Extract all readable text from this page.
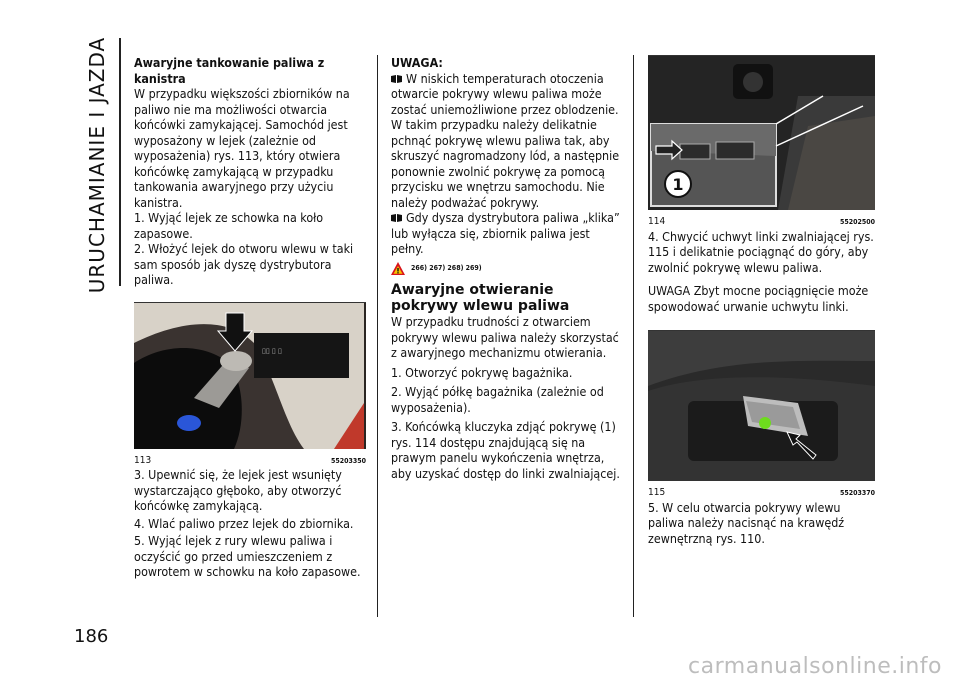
URUCHAMIANIE I JAZDA
186

Awaryjne tankowanie paliwa z kanistra

W przypadku większości zbiorników na paliwo nie ma możliwości otwarcia końcówki zamykającej. Samochód jest wyposażony w lejek (zależnie od wyposażenia) rys. 113, który otwiera końcówkę zamykającą w przypadku tankowania awaryjnego przy użyciu kanistra.

1. Wyjąć lejek ze schowka na koło zapasowe.

2. Włożyć lejek do otworu wlewu w taki sam sposób jak dyszę dystrybutora paliwa.

▯▯ ▯ ▯
113	55203350

3. Upewnić się, że lejek jest wsunięty wystarczająco głęboko, aby otworzyć końcówkę zamykającą.

4. Wlać paliwo przez lejek do zbiornika.

5. Wyjąć lejek z rury wlewu paliwa i oczyścić go przed umieszczeniem z powrotem w schowku na koło zapasowe.

UWAGA:

W niskich temperaturach otoczenia otwarcie pokrywy wlewu paliwa może zostać uniemożliwione przez oblodzenie. W takim przypadku należy delikatnie pchnąć pokrywę wlewu paliwa tak, aby skruszyć nagromadzony lód, a następnie ponownie zwolnić pokrywę za pomocą przycisku we wnętrzu samochodu. Nie należy podważać pokrywy.

Gdy dysza dystrybutora paliwa „klika” lub wyłącza się, zbiornik paliwa jest pełny.

266) 267) 268) 269)

Awaryjne otwieranie pokrywy wlewu paliwa

W przypadku trudności z otwarciem pokrywy wlewu paliwa należy skorzystać z awaryjnego mechanizmu otwierania.

1. Otworzyć pokrywę bagażnika.

2. Wyjąć półkę bagażnika (zależnie od wyposażenia).

3. Końcówką kluczyka zdjąć pokrywę (1) rys. 114 dostępu znajdującą się na prawym panelu wykończenia wnętrza, aby uzyskać dostęp do linki zwalniającej.

1
114	55202500

4. Chwycić uchwyt linki zwalniającej rys. 115 i delikatnie pociągnąć do góry, aby zwolnić pokrywę wlewu paliwa.

UWAGA Zbyt mocne pociągnięcie może spowodować urwanie uchwytu linki.

115	55203370

5. W celu otwarcia pokrywy wlewu paliwa należy nacisnąć na krawędź zewnętrzną rys. 110.

carmanualsonline.info
